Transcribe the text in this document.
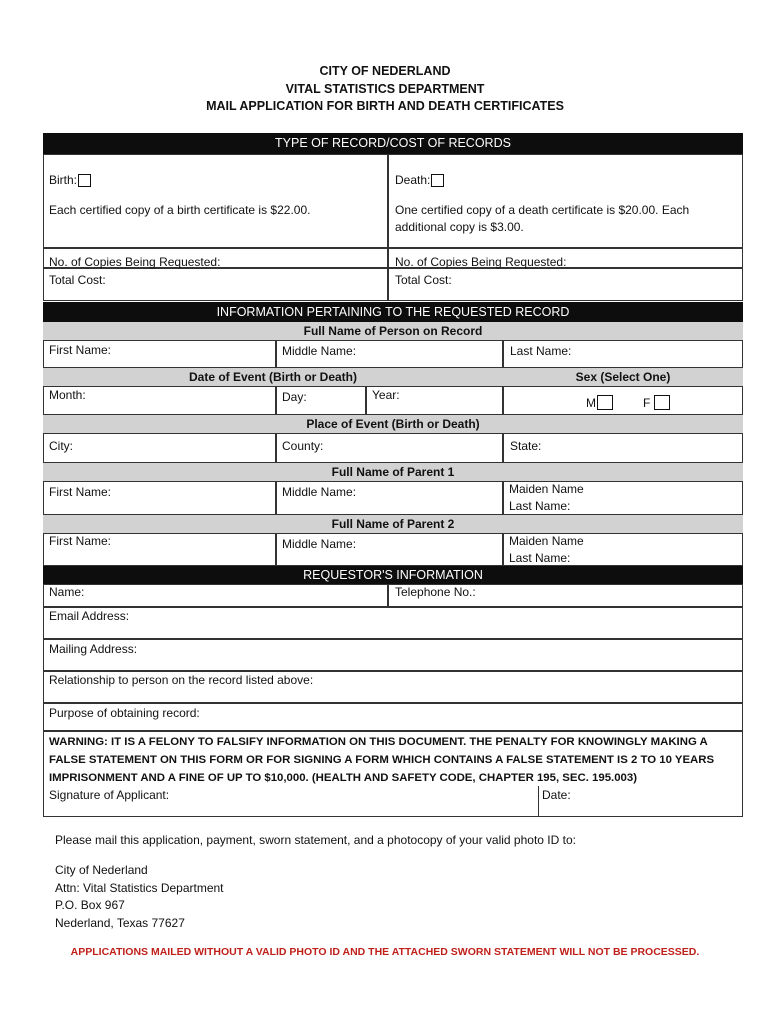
CITY OF NEDERLAND
VITAL STATISTICS DEPARTMENT
MAIL APPLICATION FOR BIRTH AND DEATH CERTIFICATES
TYPE OF RECORD/COST OF RECORDS
Birth:	Death:
Each certified copy of a birth certificate is $22.00.	One certified copy of a death certificate is $20.00. Each
additional copy is $3.00.
No. of Copies Being Requested:	No. of Copies Being Requested:
Total Cost:	Total Cost:
INFORMATION PERTAINING TO THE REQUESTED RECORD
Full Name of Person on Record
First Name:	Middle Name:	Last Name:
Date of Event (Birth or Death)	Sex (Select One)
Month:	Day:	Year:
M	F
Place of Event (Birth or Death)
City:	County:	State:
Full Name of Parent 1
First Name:	Middle Name:	Maiden Name
Last Name:
Full Name of Parent 2
First Name:	Middle Name:	Maiden Name
Last Name:
REQUESTOR'S INFORMATION
Name:	Telephone No.:
Email Address:
Mailing Address:
Relationship to person on the record listed above:
Purpose of obtaining record:
WARNING: IT IS A FELONY TO FALSIFY INFORMATION ON THIS DOCUMENT. THE PENALTY FOR KNOWINGLY MAKING A
FALSE STATEMENT ON THIS FORM OR FOR SIGNING A FORM WHICH CONTAINS A FALSE STATEMENT IS 2 TO 10 YEARS
IMPRISONMENT AND A FINE OF UP TO $10,000. (HEALTH AND SAFETY CODE, CHAPTER 195, SEC. 195.003)
Signature of Applicant:	Date:
Please mail this application, payment, sworn statement, and a photocopy of your valid photo ID to:
City of Nederland
Attn: Vital Statistics Department
P.O. Box 967
Nederland, Texas 77627
APPLICATIONS MAILED WITHOUT A VALID PHOTO ID AND THE ATTACHED SWORN STATEMENT WILL NOT BE PROCESSED.
